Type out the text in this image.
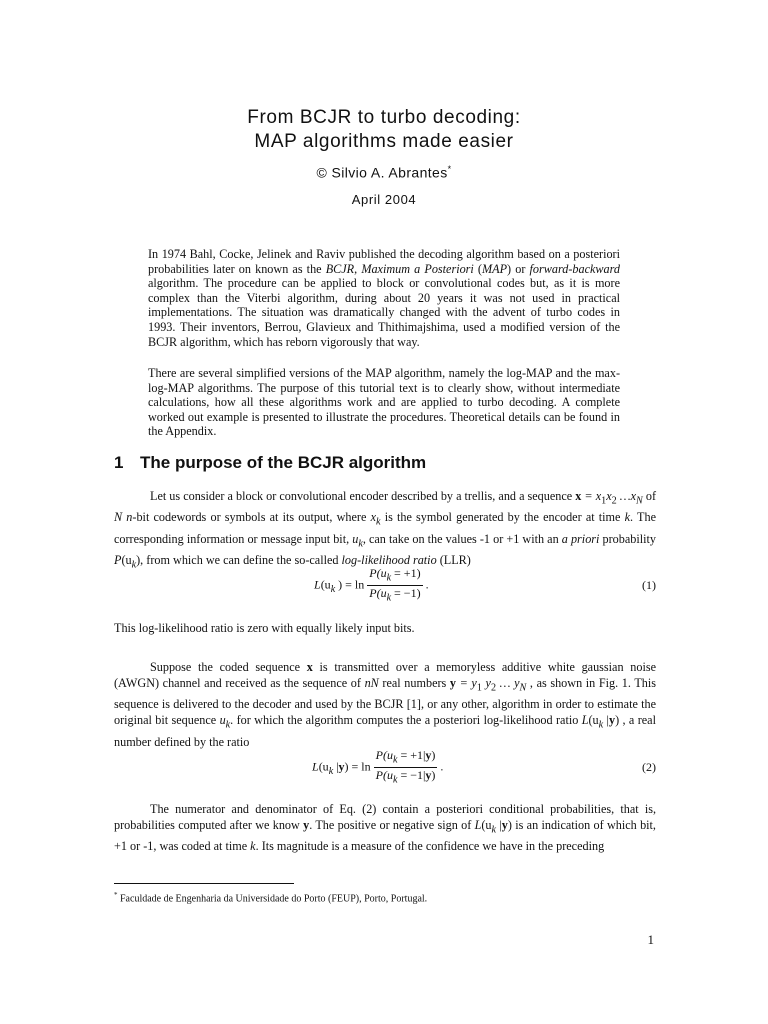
From BCJR to turbo decoding:
MAP algorithms made easier
© Silvio A. Abrantes*
April 2004
In 1974 Bahl, Cocke, Jelinek and Raviv published the decoding algorithm based on a posteriori probabilities later on known as the BCJR, Maximum a Posteriori (MAP) or forward-backward algorithm. The procedure can be applied to block or convolutional codes but, as it is more complex than the Viterbi algorithm, during about 20 years it was not used in practical implementations. The situation was dramatically changed with the advent of turbo codes in 1993. Their inventors, Berrou, Glavieux and Thithimajshima, used a modified version of the BCJR algorithm, which has reborn vigorously that way.
There are several simplified versions of the MAP algorithm, namely the log-MAP and the max-log-MAP algorithms. The purpose of this tutorial text is to clearly show, without intermediate calculations, how all these algorithms work and are applied to turbo decoding. A complete worked out example is presented to illustrate the procedures. Theoretical details can be found in the Appendix.
1 The purpose of the BCJR algorithm
Let us consider a block or convolutional encoder described by a trellis, and a sequence $x = x_1x_2$ $\dots x_N$ of N n-bit codewords or symbols at its output, where $x_k$ is the symbol generated by the encoder at time k. The corresponding information or message input bit, $u_k$, can take on the values -1 or +1 with an a priori probability $P(u_k)$, from which we can define the so-called log-likelihood ratio (LLR)
$L(u_k$ ) = $\ln \frac{P(u_k = +1)}{P(u_k = -1)}$ .	(1)
This log-likelihood ratio is zero with equally likely input bits.
Suppose the coded sequence x is transmitted over a memoryless additive white gaussian noise (AWGN) channel and received as the sequence of nN real numbers $y = y_1$ $y_2$ … $y_N$ , as shown in Fig. 1. This sequence is delivered to the decoder and used by the BCJR [1], or any other, algorithm in order to estimate the original bit sequence $u_k$. for which the algorithm computes the a posteriori log-likelihood ratio $L(u_k$ |y) , a real number defined by the ratio
$L(u_k$ $|y) = \ln \frac{P(u_k = +1|y)}{P(u_k = -1|y)}$ .	(2)
The numerator and denominator of Eq. (2) contain a posteriori conditional probabilities, that is, probabilities computed after we know y. The positive or negative sign of $L(u_k$ |y) is an indication of which bit, +1 or -1, was coded at time k. Its magnitude is a measure of the confidence we have in the preceding
* Faculdade de Engenharia da Universidade do Porto (FEUP), Porto, Portugal.
1
